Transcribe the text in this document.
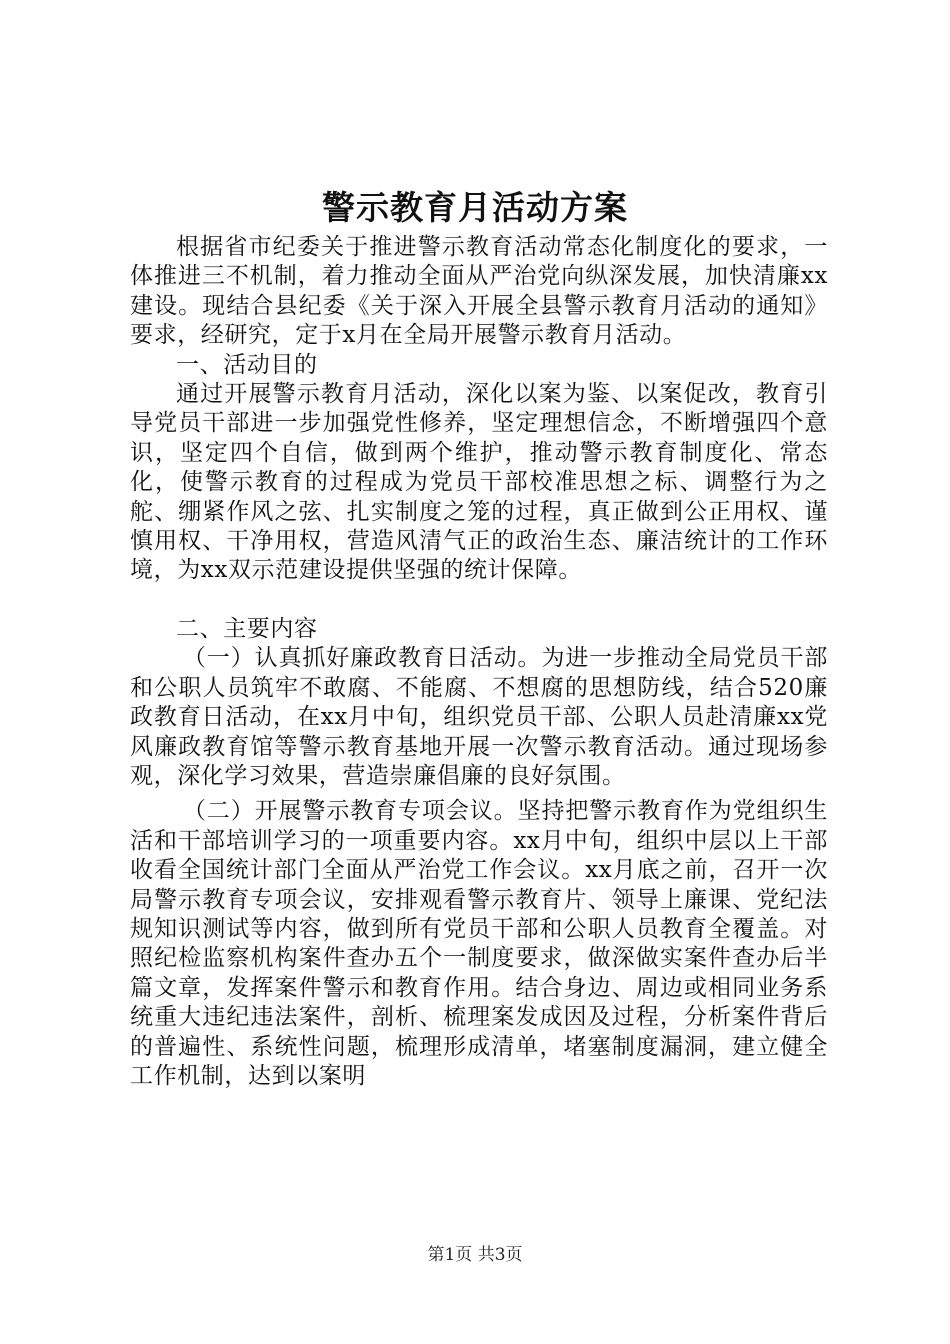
警示教育月活动方案

根据省市纪委关于推进警示教育活动常态化制度化的要求，一体推进三不机制，着力推动全面从严治党向纵深发展，加快清廉xx建设。现结合县纪委《关于深入开展全县警示教育月活动的通知》要求，经研究，定于x月在全局开展警示教育月活动。

一、活动目的

通过开展警示教育月活动，深化以案为鉴、以案促改，教育引导党员干部进一步加强党性修养，坚定理想信念，不断增强四个意识，坚定四个自信，做到两个维护，推动警示教育制度化、常态化，使警示教育的过程成为党员干部校准思想之标、调整行为之舵、绷紧作风之弦、扎实制度之笼的过程，真正做到公正用权、谨慎用权、干净用权，营造风清气正的政治生态、廉洁统计的工作环境，为xx双示范建设提供坚强的统计保障。

二、主要内容

（一）认真抓好廉政教育日活动。为进一步推动全局党员干部和公职人员筑牢不敢腐、不能腐、不想腐的思想防线，结合520廉政教育日活动，在xx月中旬，组织党员干部、公职人员赴清廉xx党风廉政教育馆等警示教育基地开展一次警示教育活动。通过现场参观，深化学习效果，营造崇廉倡廉的良好氛围。

（二）开展警示教育专项会议。坚持把警示教育作为党组织生活和干部培训学习的一项重要内容。xx月中旬，组织中层以上干部收看全国统计部门全面从严治党工作会议。xx月底之前，召开一次局警示教育专项会议，安排观看警示教育片、领导上廉课、党纪法规知识测试等内容，做到所有党员干部和公职人员教育全覆盖。对照纪检监察机构案件查办五个一制度要求，做深做实案件查办后半篇文章，发挥案件警示和教育作用。结合身边、周边或相同业务系统重大违纪违法案件，剖析、梳理案发成因及过程，分析案件背后的普遍性、系统性问题，梳理形成清单，堵塞制度漏洞，建立健全工作机制，达到以案明

第1页 共3页
